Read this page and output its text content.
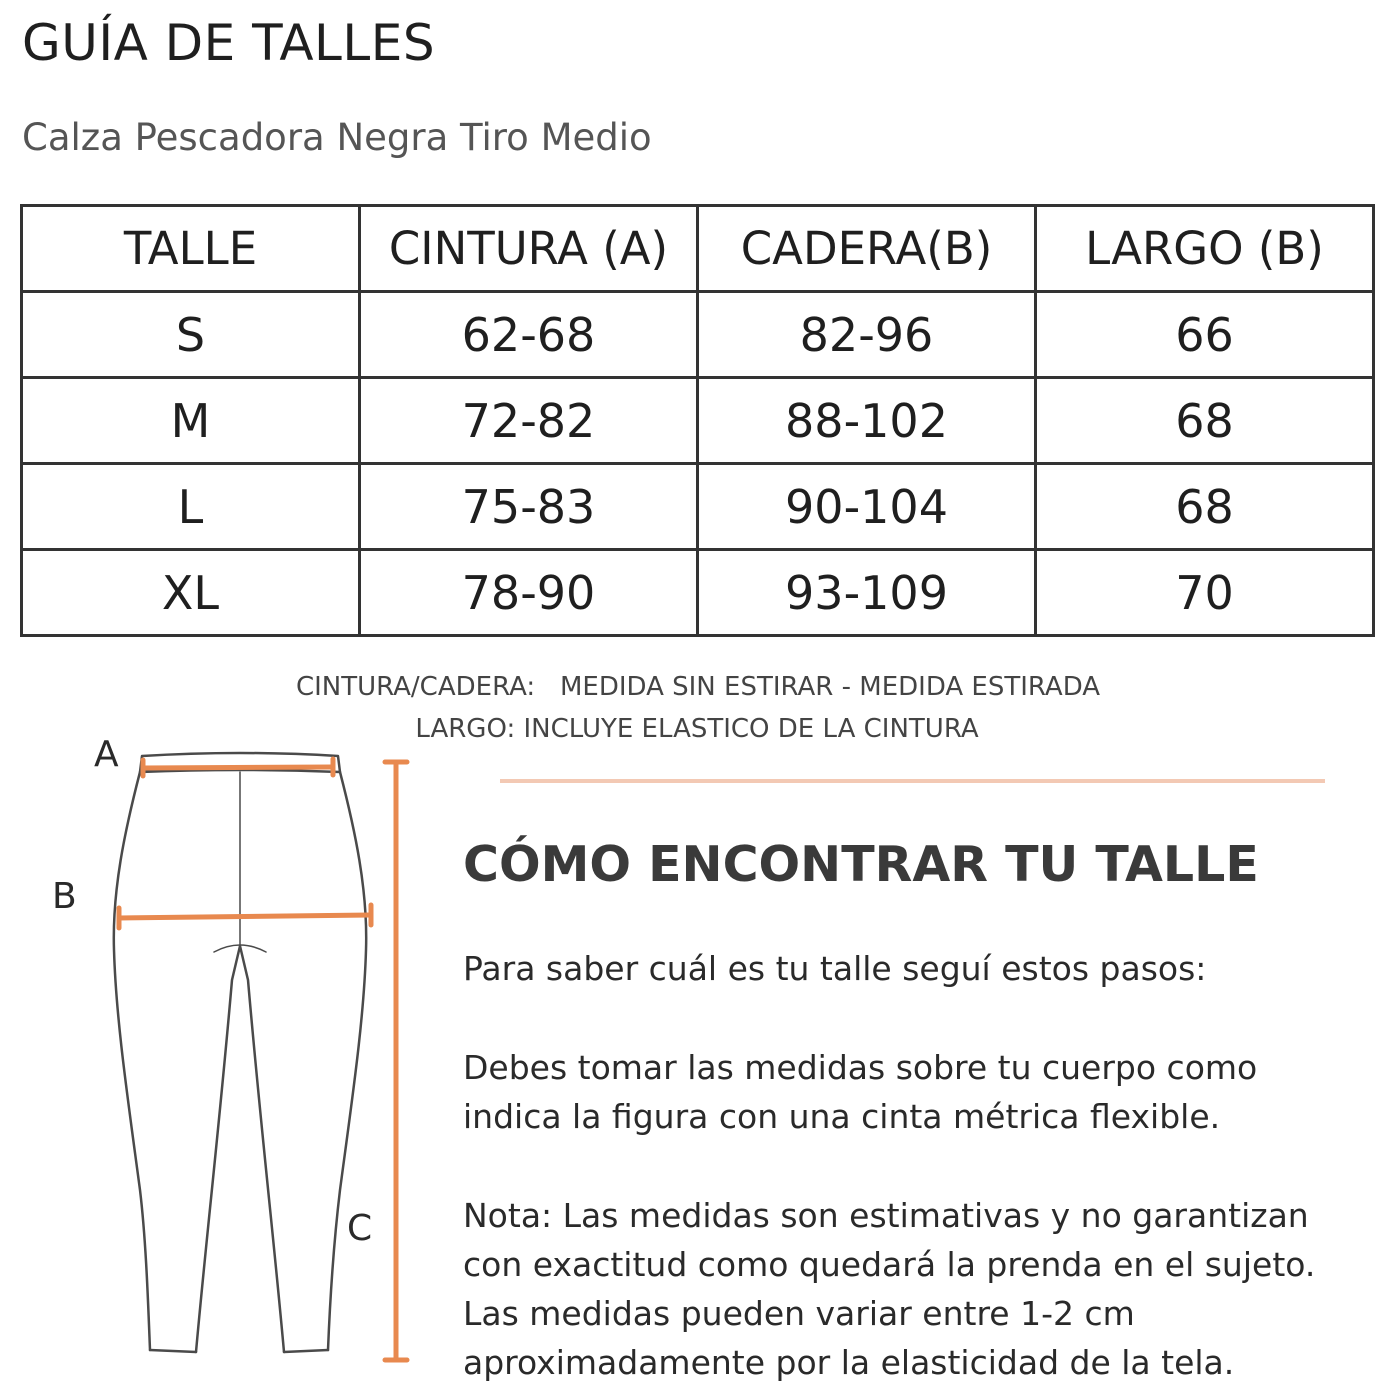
GUÍA DE TALLES

Calza Pescadora Negra Tiro Medio

TALLE	CINTURA (A)	CADERA(B)	LARGO (B)
S	62-68	82-96	66
M	72-82	88-102	68
L	75-83	90-104	68
XL	78-90	93-109	70

CINTURA/CADERA:   MEDIDA SIN ESTIRAR - MEDIDA ESTIRADA

LARGO: INCLUYE ELASTICO DE LA CINTURA

A
B
C
CÓMO ENCONTRAR TU TALLE

Para saber cuál es tu talle seguí estos pasos:

Debes tomar las medidas sobre tu cuerpo como
indica la figura con una cinta métrica flexible.

Nota: Las medidas son estimativas y no garantizan
con exactitud como quedará la prenda en el sujeto.
Las medidas pueden variar entre 1-2 cm
aproximadamente por la elasticidad de la tela.
